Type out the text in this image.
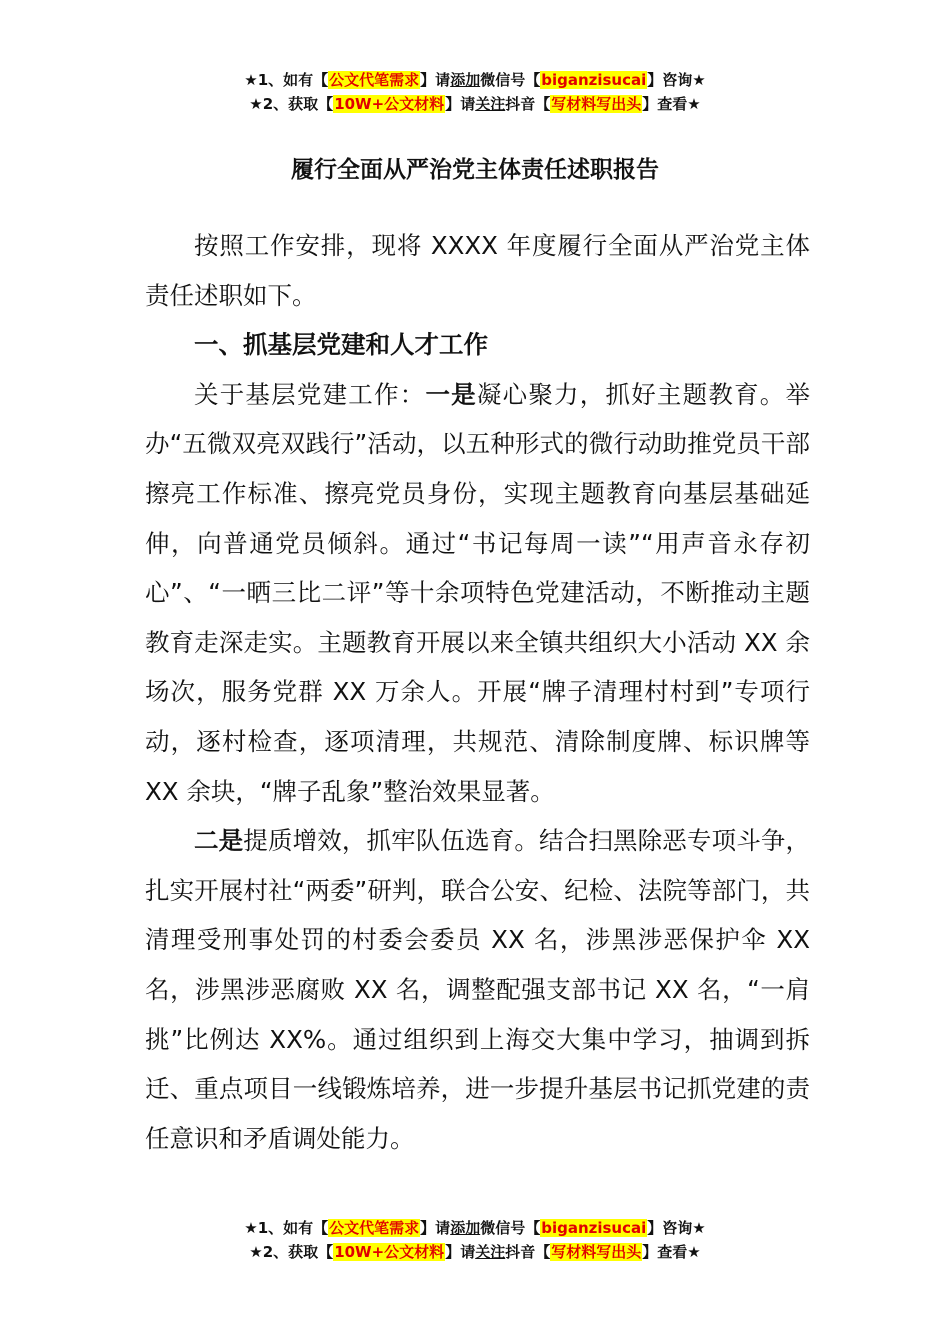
★1、如有【公文代笔需求】请添加微信号【biganzisucai】咨询★
★2、获取【10W+公文材料】请关注抖音【写材料写出头】查看★
履行全面从严治党主体责任述职报告

按照工作安排，现将 XXXX 年度履行全面从严治党主体责任述职如下。

一、抓基层党建和人才工作

关于基层党建工作：一是凝心聚力，抓好主题教育。举办“五微双亮双践行”活动，以五种形式的微行动助推党员干部擦亮工作标准、擦亮党员身份，实现主题教育向基层基础延伸，向普通党员倾斜。通过“书记每周一读”“用声音永存初心”、“一晒三比二评”等十余项特色党建活动，不断推动主题教育走深走实。主题教育开展以来全镇共组织大小活动 XX 余场次，服务党群 XX 万余人。开展“牌子清理村村到”专项行动，逐村检查，逐项清理，共规范、清除制度牌、标识牌等 XX 余块，“牌子乱象”整治效果显著。

二是提质增效，抓牢队伍选育。结合扫黑除恶专项斗争，扎实开展村社“两委”研判，联合公安、纪检、法院等部门，共清理受刑事处罚的村委会委员 XX 名，涉黑涉恶保护伞 XX 名，涉黑涉恶腐败 XX 名，调整配强支部书记 XX 名，“一肩挑”比例达 XX%。通过组织到上海交大集中学习，抽调到拆迁、重点项目一线锻炼培养，进一步提升基层书记抓党建的责任意识和矛盾调处能力。

★1、如有【公文代笔需求】请添加微信号【biganzisucai】咨询★
★2、获取【10W+公文材料】请关注抖音【写材料写出头】查看★
